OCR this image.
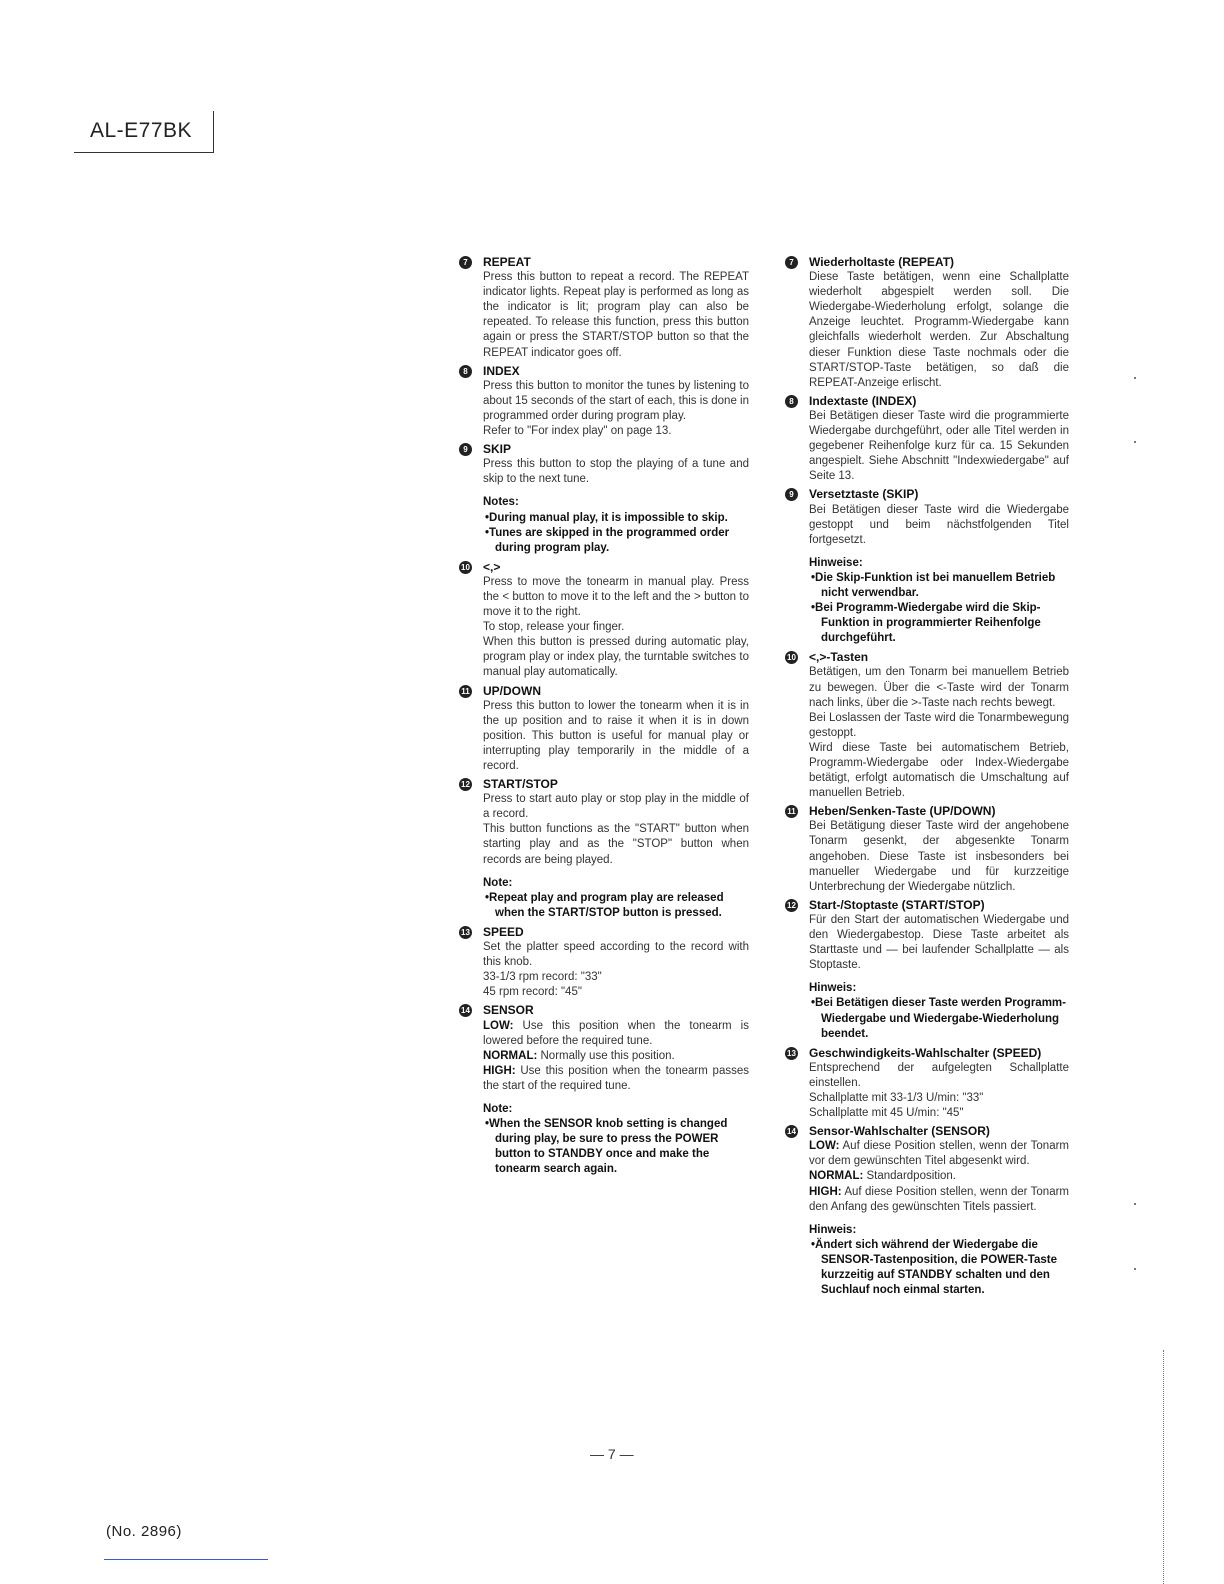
AL-E77BK
7	REPEAT

Press this button to repeat a record. The REPEAT indicator lights. Repeat play is performed as long as the indicator is lit; program play can also be repeated. To release this function, press this button again or press the START/STOP button so that the REPEAT indicator goes off.

8	INDEX

Press this button to monitor the tunes by listening to about 15 seconds of the start of each, this is done in programmed order during program play.

Refer to "For index play" on page 13.

9	SKIP

Press this button to stop the playing of a tune and skip to the next tune.

Notes:
• During manual play, it is impossible to skip.
• Tunes are skipped in the programmed order during program play.
10 <,>

Press to move the tonearm in manual play. Press the < button to move it to the left and the > button to move it to the right.

To stop, release your finger.

When this button is pressed during automatic play, program play or index play, the turntable switches to manual play automatically.

11 UP/DOWN

Press this button to lower the tonearm when it is in the up position and to raise it when it is in down position. This button is useful for manual play or interrupting play temporarily in the middle of a record.

12 START/STOP

Press to start auto play or stop play in the middle of a record.

This button functions as the "START" button when starting play and as the "STOP" button when records are being played.

Note:
• Repeat play and program play are released when the START/STOP button is pressed.
13 SPEED

Set the platter speed according to the record with this knob.

33-1/3 rpm record: "33"

45 rpm record: "45"

14 SENSOR
LOW: Use this position when the tonearm is lowered before the required tune.
NORMAL: Normally use this position.
HIGH: Use this position when the tonearm passes the start of the required tune.
Note:
• When the SENSOR knob setting is changed during play, be sure to press the POWER button to STANDBY once and make the tonearm search again.
7	Wiederholtaste (REPEAT)

Diese Taste betätigen, wenn eine Schallplatte wiederholt abgespielt werden soll. Die Wiedergabe-Wiederholung erfolgt, solange die Anzeige leuchtet. Programm-Wiedergabe kann gleichfalls wiederholt werden. Zur Abschaltung dieser Funktion diese Taste nochmals oder die START/STOP-Taste betätigen, so daß die REPEAT-Anzeige erlischt.

8	Indextaste (INDEX)

Bei Betätigen dieser Taste wird die programmierte Wiedergabe durchgeführt, oder alle Titel werden in gegebener Reihenfolge kurz für ca. 15 Sekunden angespielt. Siehe Abschnitt "Indexwiedergabe" auf Seite 13.

9	Versetztaste (SKIP)

Bei Betätigen dieser Taste wird die Wiedergabe gestoppt und beim nächstfolgenden Titel fortgesetzt.

Hinweise:
• Die Skip-Funktion ist bei manuellem Betrieb nicht verwendbar.
• Bei Programm-Wiedergabe wird die Skip-Funktion in programmierter Reihenfolge durchgeführt.
10 <,>-Tasten

Betätigen, um den Tonarm bei manuellem Betrieb zu bewegen. Über die <-Taste wird der Tonarm nach links, über die >-Taste nach rechts bewegt.

Bei Loslassen der Taste wird die Tonarmbewegung gestoppt.

Wird diese Taste bei automatischem Betrieb, Programm-Wiedergabe oder Index-Wiedergabe betätigt, erfolgt automatisch die Umschaltung auf manuellen Betrieb.

11 Heben/Senken-Taste (UP/DOWN)

Bei Betätigung dieser Taste wird der angehobene Tonarm gesenkt, der abgesenkte Tonarm angehoben. Diese Taste ist insbesonders bei manueller Wiedergabe und für kurzzeitige Unterbrechung der Wiedergabe nützlich.

12 Start-/Stoptaste (START/STOP)

Für den Start der automatischen Wiedergabe und den Wiedergabestop. Diese Taste arbeitet als Starttaste und — bei laufender Schallplatte — als Stoptaste.

Hinweis:
• Bei Betätigen dieser Taste werden Programm-Wiedergabe und Wiedergabe-Wiederholung beendet.
13 Geschwindigkeits-Wahlschalter (SPEED)

Entsprechend der aufgelegten Schallplatte einstellen.

Schallplatte mit 33-1/3 U/min: "33"

Schallplatte mit 45 U/min: "45"

14 Sensor-Wahlschalter (SENSOR)
LOW: Auf diese Position stellen, wenn der Tonarm vor dem gewünschten Titel abgesenkt wird.
NORMAL: Standardposition.
HIGH: Auf diese Position stellen, wenn der Tonarm den Anfang des gewünschten Titels passiert.
Hinweis:
• Ändert sich während der Wiedergabe die SENSOR-Tastenposition, die POWER-Taste kurzzeitig auf STANDBY schalten und den Suchlauf noch einmal starten.
— 7 —
(No. 2896)
